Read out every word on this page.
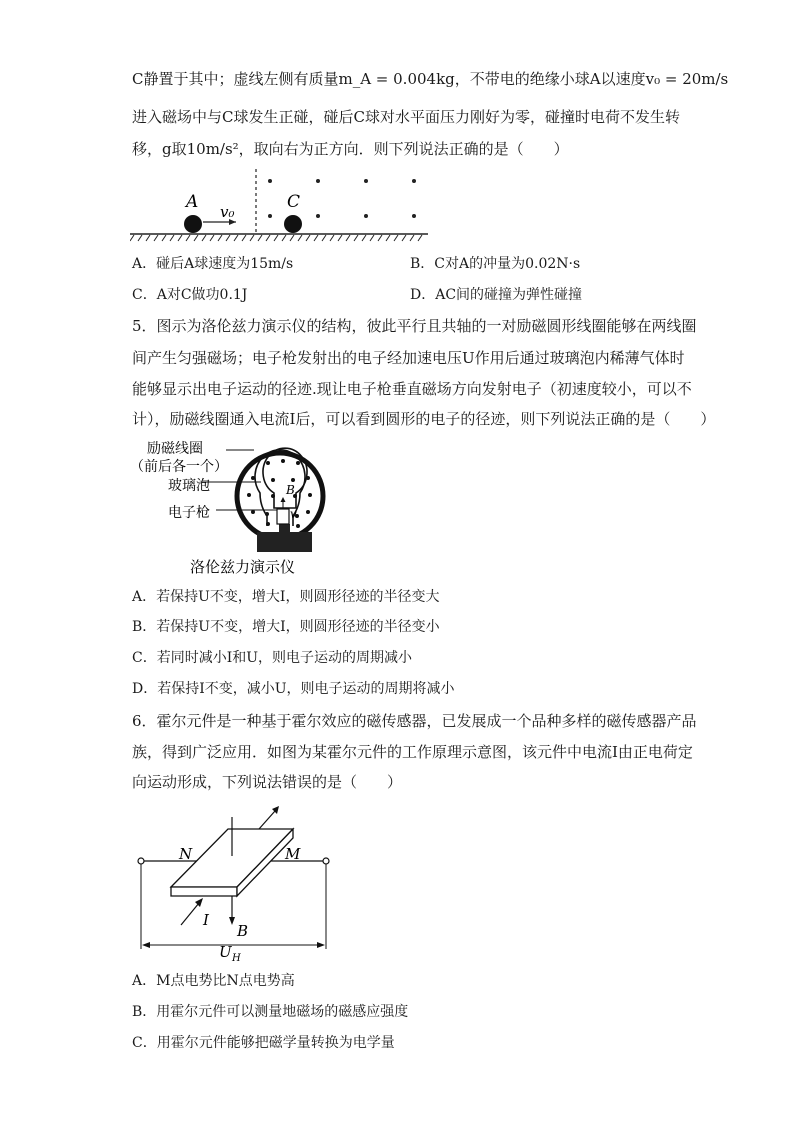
C静置于其中；虚线左侧有质量m_A = 0.004kg，不带电的绝缘小球A以速度v₀ = 20m/s
进入磁场中与C球发生正碰，碰后C球对水平面压力刚好为零，碰撞时电荷不发生转
移，g取10m/s²，取向右为正方向．则下列说法正确的是（　　）
A v₀	C
A．碰后A球速度为15m/s	B．C对A的冲量为0.02N·s
C．A对C做功0.1J	D．AC间的碰撞为弹性碰撞
5．图示为洛伦兹力演示仪的结构，彼此平行且共轴的一对励磁圆形线圈能够在两线圈
间产生匀强磁场；电子枪发射出的电子经加速电压U作用后通过玻璃泡内稀薄气体时
能够显示出电子运动的径迹.现让电子枪垂直磁场方向发射电子（初速度较小，可以不
计），励磁线圈通入电流I后，可以看到圆形的电子的径迹，则下列说法正确的是（　　）
励磁线圈
（前后各一个）
玻璃泡
电子枪
B
v
洛伦兹力演示仪
A．若保持U不变，增大I，则圆形径迹的半径变大
B．若保持U不变，增大I，则圆形径迹的半径变小
C．若同时减小I和U，则电子运动的周期减小
D．若保持I不变，减小U，则电子运动的周期将减小
6．霍尔元件是一种基于霍尔效应的磁传感器，已发展成一个品种多样的磁传感器产品
族，得到广泛应用．如图为某霍尔元件的工作原理示意图，该元件中电流I由正电荷定
向运动形成，下列说法错误的是（　　）
N	M
I
B
U H
A．M点电势比N点电势高
B．用霍尔元件可以测量地磁场的磁感应强度
C．用霍尔元件能够把磁学量转换为电学量
